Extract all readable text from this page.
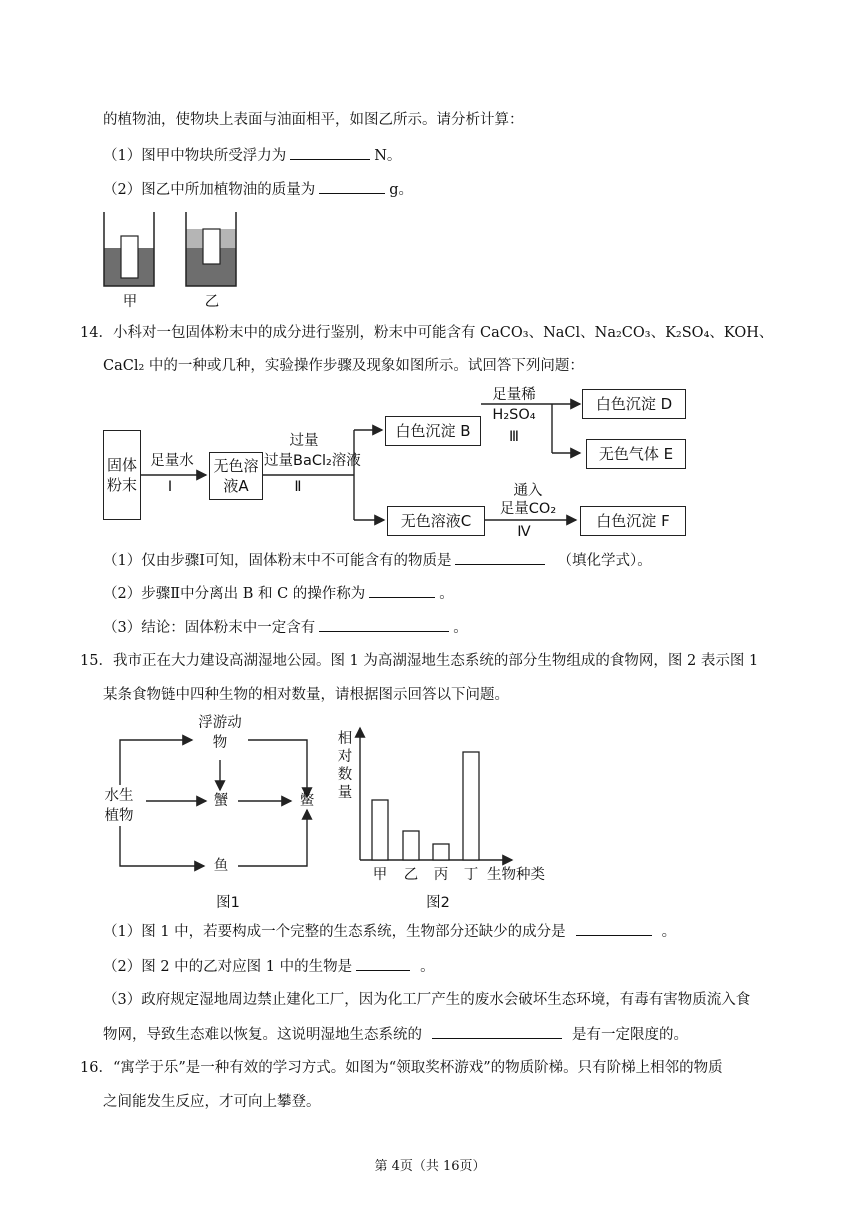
的植物油，使物块上表面与油面相平，如图乙所示。请分析计算：
（1）图甲中物块所受浮力为	N。
（2）图乙中所加植物油的质量为	g。
甲	乙
14．小科对一包固体粉末中的成分进行鉴别，粉末中可能含有 CaCO₃、NaCl、Na₂CO₃、K₂SO₄、KOH、
CaCl₂ 中的一种或几种，实验操作步骤及现象如图所示。试回答下列问题：
固体粉末
足量水
Ⅰ
无色溶液A
过量
过量BaCl₂溶液
Ⅱ
白色沉淀 B
足量稀
H₂SO₄
Ⅲ
白色沉淀 D
无色气体 E
无色溶液C
通入
足量CO₂
Ⅳ
白色沉淀 F
（1）仅由步骤Ⅰ可知，固体粉末中不可能含有的物质是	（填化学式）。
（2）步骤Ⅱ中分离出 B 和 C 的操作称为	。
（3）结论：固体粉末中一定含有	。
15．我市正在大力建设高湖湿地公园。图 1 为高湖湿地生态系统的部分生物组成的食物网，图 2 表示图 1
某条食物链中四种生物的相对数量，请根据图示回答以下问题。
浮游动物
水生植物
蟹	鳖
鱼
图1
相对数量
甲 乙 丙 丁 生物种类
图2
（1）图 1 中，若要构成一个完整的生态系统，生物部分还缺少的成分是	。
（2）图 2 中的乙对应图 1 中的生物是	。
（3）政府规定湿地周边禁止建化工厂，因为化工厂产生的废水会破坏生态环境，有毒有害物质流入食
物网，导致生态难以恢复。这说明湿地生态系统的	是有一定限度的。
16．“寓学于乐”是一种有效的学习方式。如图为“领取奖杯游戏”的物质阶梯。只有阶梯上相邻的物质
之间能发生反应，才可向上攀登。
第 4页（共 16页）
